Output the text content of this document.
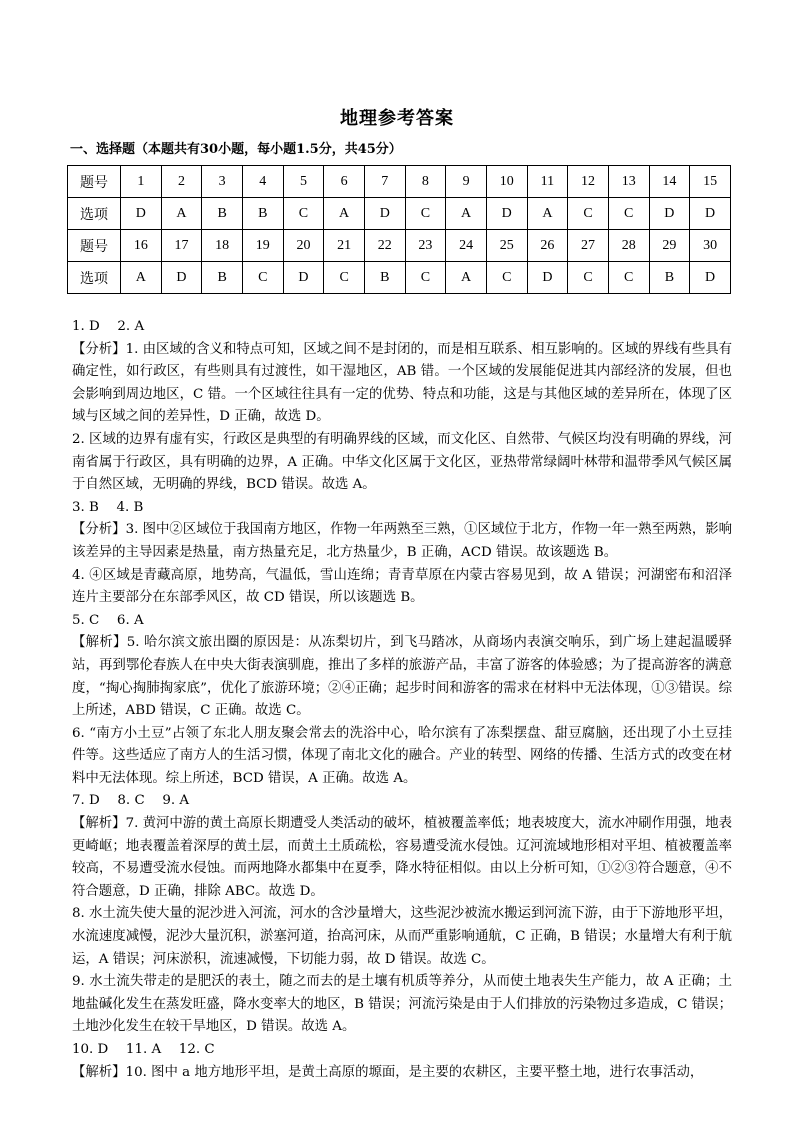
地理参考答案
一、选择题（本题共有30小题，每小题1.5分，共45分）
题号	1	2	3	4	5	6	7	8	9	10	11	12	13	14	15
选项	D	A	B	B	C	A	D	C	A	D	A	C	C	D	D
题号	16	17	18	19	20	21	22	23	24	25	26	27	28	29	30
选项	A	D	B	C	D	C	B	C	A	C	D	C	C	B	D

1. D　 2. A

【分析】1. 由区域的含义和特点可知，区域之间不是封闭的，而是相互联系、相互影响的。区域的界线有些具有确定性，如行政区，有些则具有过渡性，如干湿地区，AB 错。一个区域的发展能促进其内部经济的发展，但也会影响到周边地区，C 错。一个区域往往具有一定的优势、特点和功能，这是与其他区域的差异所在，体现了区域与区域之间的差异性，D 正确，故选 D。

2. 区域的边界有虚有实，行政区是典型的有明确界线的区域，而文化区、自然带、气候区均没有明确的界线，河南省属于行政区，具有明确的边界，A 正确。中华文化区属于文化区，亚热带常绿阔叶林带和温带季风气候区属于自然区域，无明确的界线，BCD 错误。故选 A。

3. B　 4. B

【分析】3. 图中②区域位于我国南方地区，作物一年两熟至三熟，①区域位于北方，作物一年一熟至两熟，影响该差异的主导因素是热量，南方热量充足，北方热量少，B 正确，ACD 错误。故该题选 B。

4. ④区域是青藏高原，地势高，气温低，雪山连绵；青青草原在内蒙古容易见到，故 A 错误；河湖密布和沼泽连片主要部分在东部季风区，故 CD 错误，所以该题选 B。

5. C　 6. A

【解析】5. 哈尔滨文旅出圈的原因是：从冻梨切片，到飞马踏冰，从商场内表演交响乐，到广场上建起温暖驿站，再到鄂伦春族人在中央大街表演驯鹿，推出了多样的旅游产品，丰富了游客的体验感；为了提高游客的满意度，“掏心掏肺掏家底”，优化了旅游环境；②④正确；起步时间和游客的需求在材料中无法体现，①③错误。综上所述，ABD 错误，C 正确。故选 C。

6. “南方小土豆”占领了东北人朋友聚会常去的洗浴中心，哈尔滨有了冻梨摆盘、甜豆腐脑，还出现了小土豆挂件等。这些适应了南方人的生活习惯，体现了南北文化的融合。产业的转型、网络的传播、生活方式的改变在材料中无法体现。综上所述，BCD 错误，A 正确。故选 A。

7. D　 8. C　 9. A

【解析】7. 黄河中游的黄土高原长期遭受人类活动的破坏，植被覆盖率低；地表坡度大，流水冲刷作用强，地表更崎岖；地表覆盖着深厚的黄土层，而黄土土质疏松，容易遭受流水侵蚀。辽河流域地形相对平坦、植被覆盖率较高，不易遭受流水侵蚀。而两地降水都集中在夏季，降水特征相似。由以上分析可知，①②③符合题意，④不符合题意，D 正确，排除 ABC。故选 D。

8. 水土流失使大量的泥沙进入河流，河水的含沙量增大，这些泥沙被流水搬运到河流下游，由于下游地形平坦，水流速度减慢，泥沙大量沉积，淤塞河道，抬高河床，从而严重影响通航，C 正确，B 错误；水量增大有利于航运，A 错误；河床淤积，流速减慢，下切能力弱，故 D 错误。故选 C。

9. 水土流失带走的是肥沃的表土，随之而去的是土壤有机质等养分，从而使土地表失生产能力，故 A 正确；土地盐碱化发生在蒸发旺盛，降水变率大的地区，B 错误；河流污染是由于人们排放的污染物过多造成，C 错误；土地沙化发生在较干旱地区，D 错误。故选 A。

10. D　 11. A　 12. C

【解析】10. 图中 a 地方地形平坦，是黄土高原的塬面，是主要的农耕区，主要平整土地，进行农事活动，
